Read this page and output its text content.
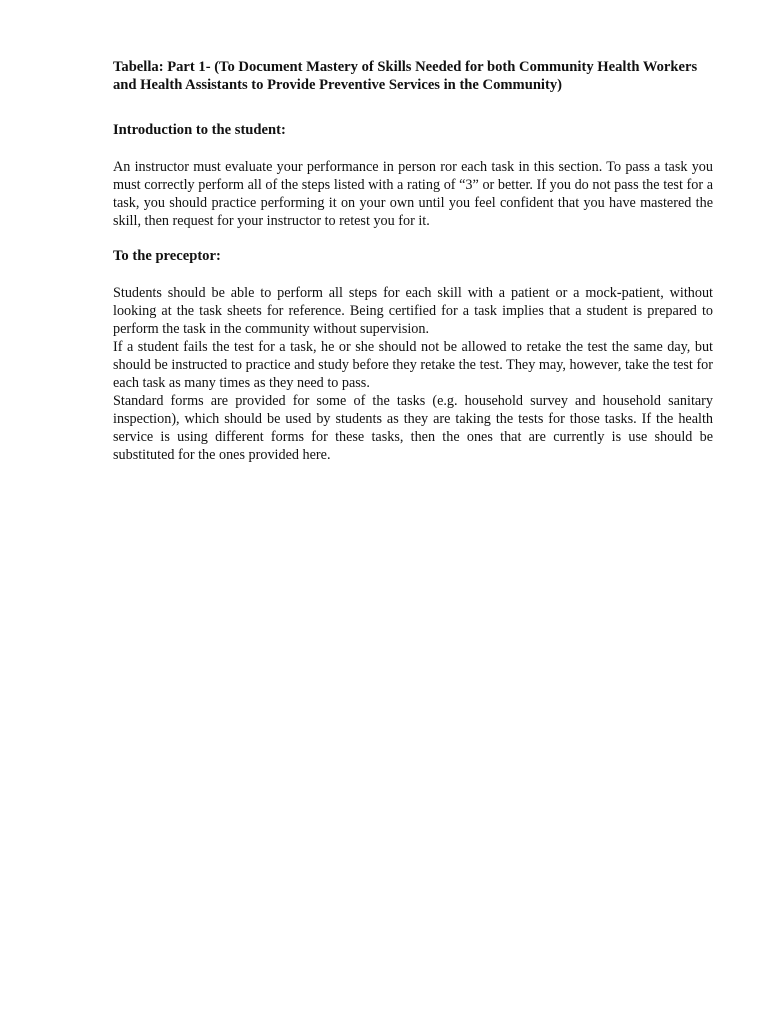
Tabella: Part 1- (To Document Mastery of Skills Needed for both Community Health Workers and Health Assistants to Provide Preventive Services in the Community)

Introduction to the student:

An instructor must evaluate your performance in person ror each task in this section. To pass a task you must correctly perform all of the steps listed with a rating of “3” or better. If you do not pass the test for a task, you should practice performing it on your own until you feel confident that you have mastered the skill, then request for your instructor to retest you for it.

To the preceptor:

Students should be able to perform all steps for each skill with a patient or a mock-patient, without looking at the task sheets for reference. Being certified for a task implies that a student is prepared to perform the task in the community without supervision.

If a student fails the test for a task, he or she should not be allowed to retake the test the same day, but should be instructed to practice and study before they retake the test. They may, however, take the test for each task as many times as they need to pass.

Standard forms are provided for some of the tasks (e.g. household survey and household sanitary inspection), which should be used by students as they are taking the tests for those tasks. If the health service is using different forms for these tasks, then the ones that are currently is use should be substituted for the ones provided here.
